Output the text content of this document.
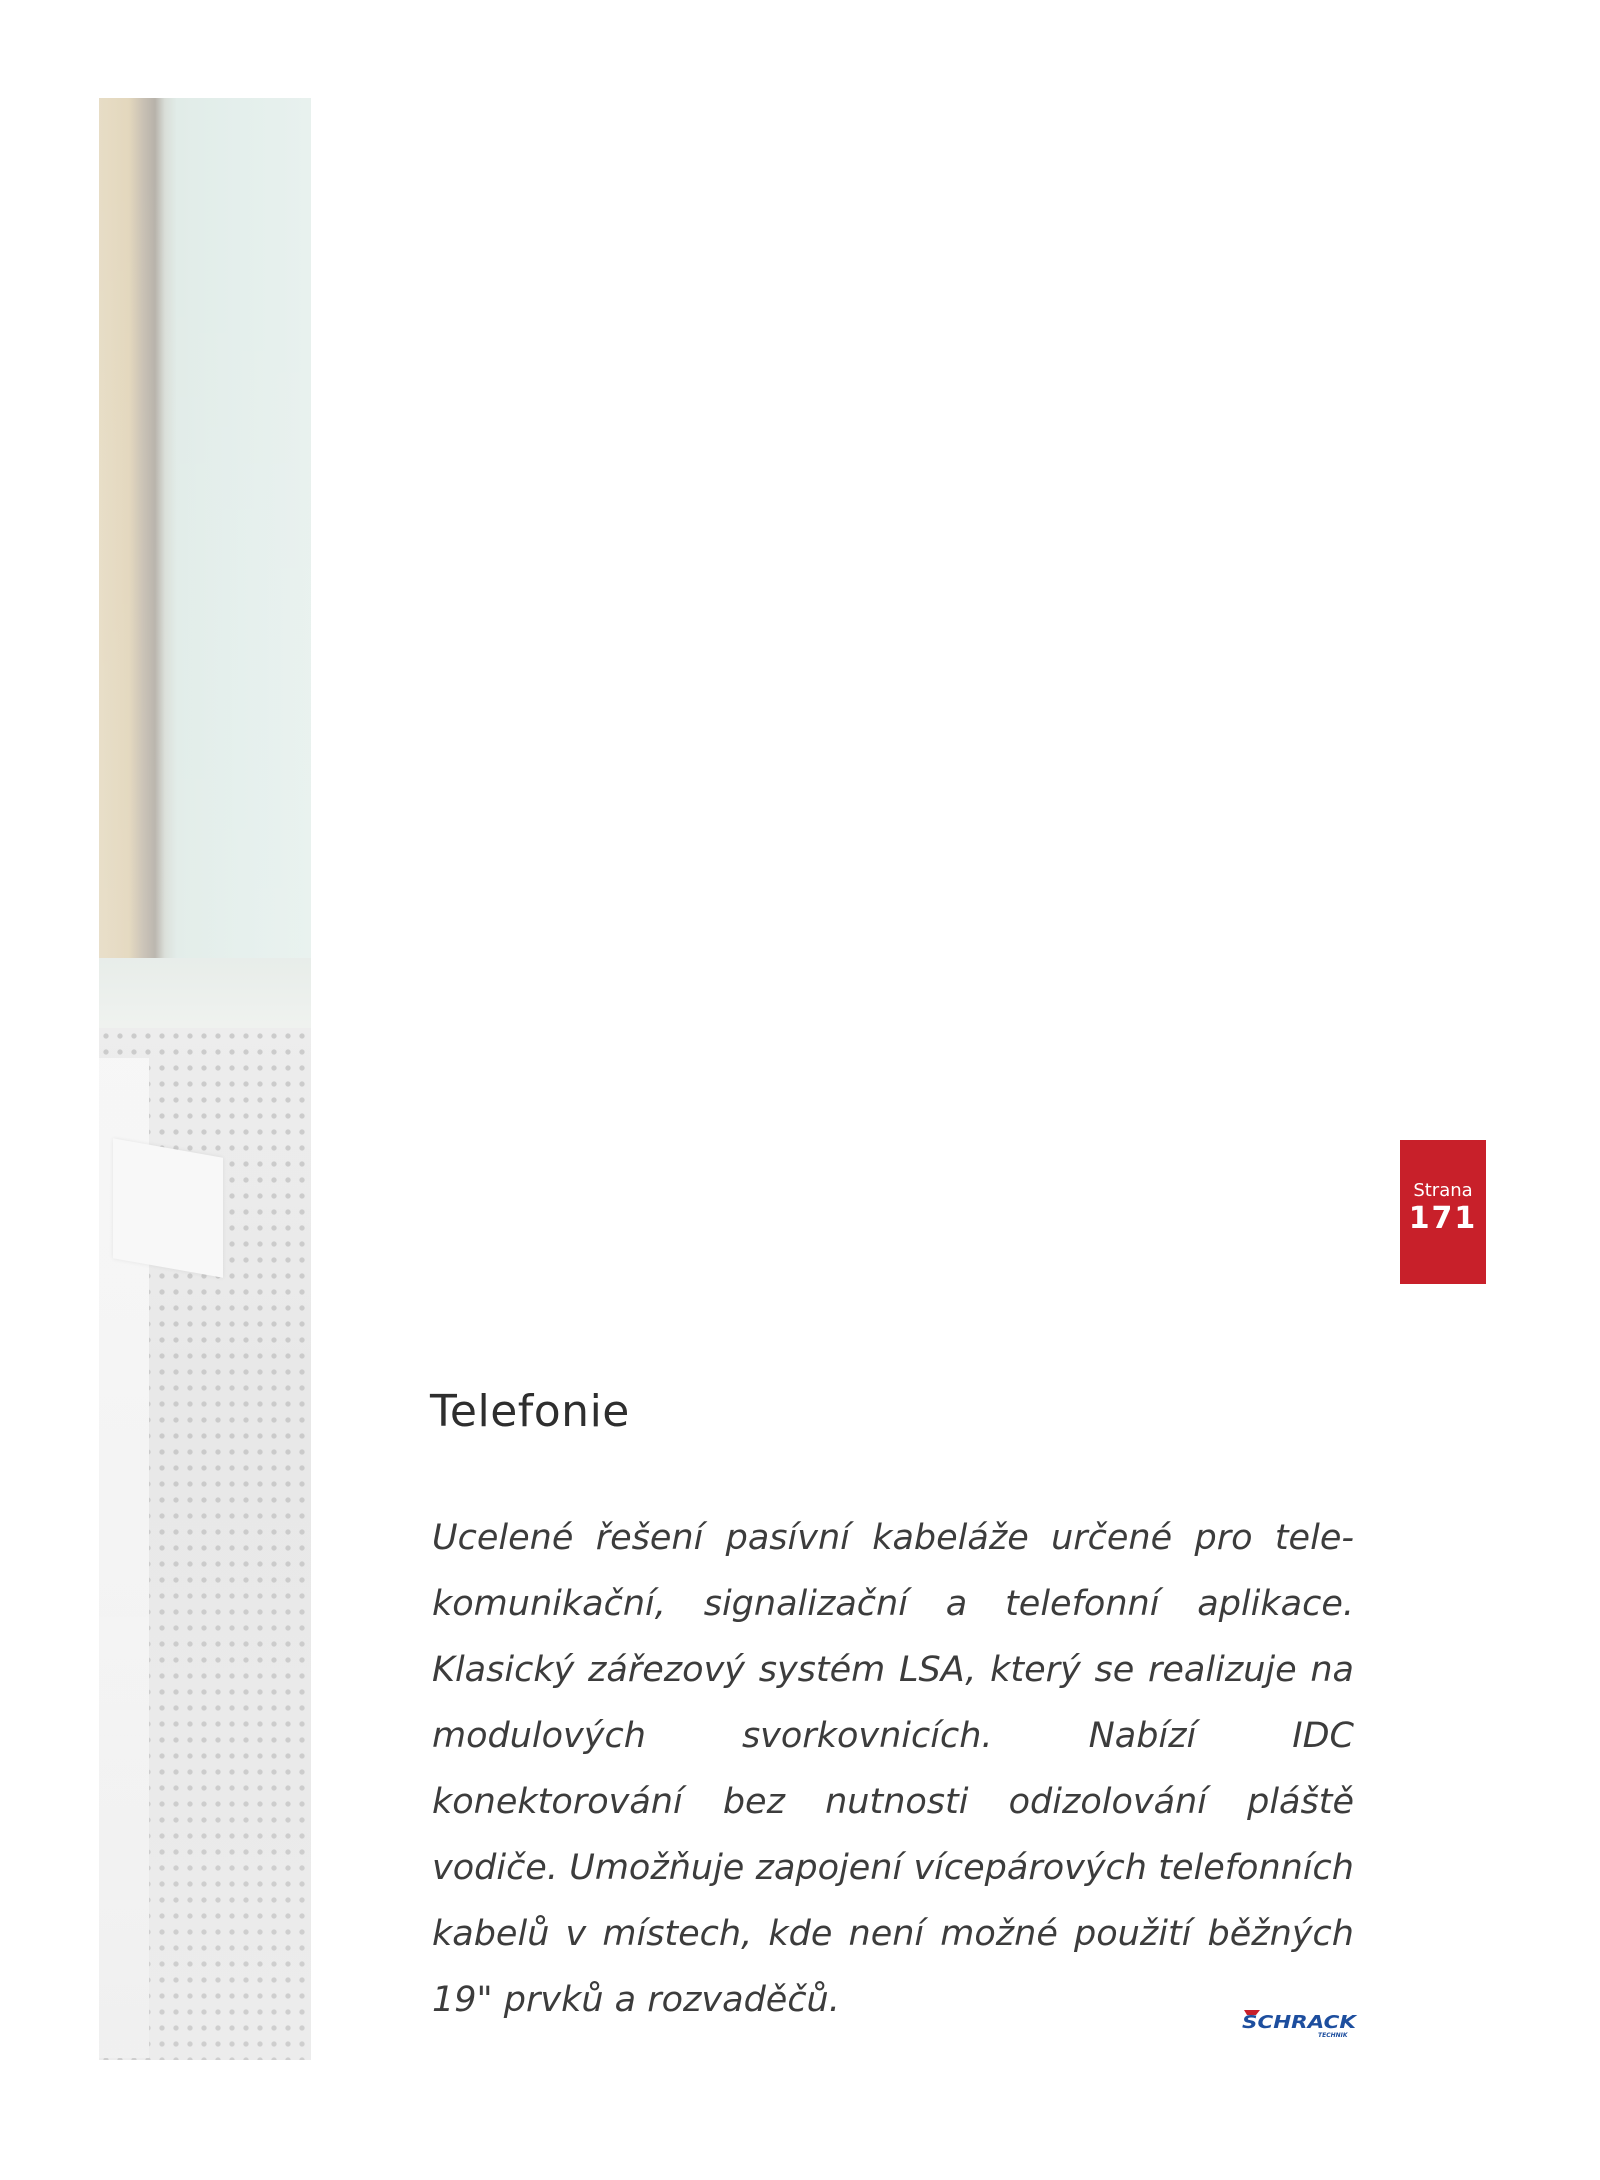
Strana
171
Telefonie

Ucelené řešení pasívní kabeláže určené pro telekomunikační, signalizační a telefonní aplikace. Klasický zářezový systém LSA, který se realizuje na modulových svorkovnicích. Nabízí IDC konektorování bez nutnosti odizolování pláště vodiče. Umožňuje zapojení vícepárových telefonních kabelů v místech, kde není možné použití běžných 19" prvků a rozvaděčů.

SCHRACK
TECHNIK
